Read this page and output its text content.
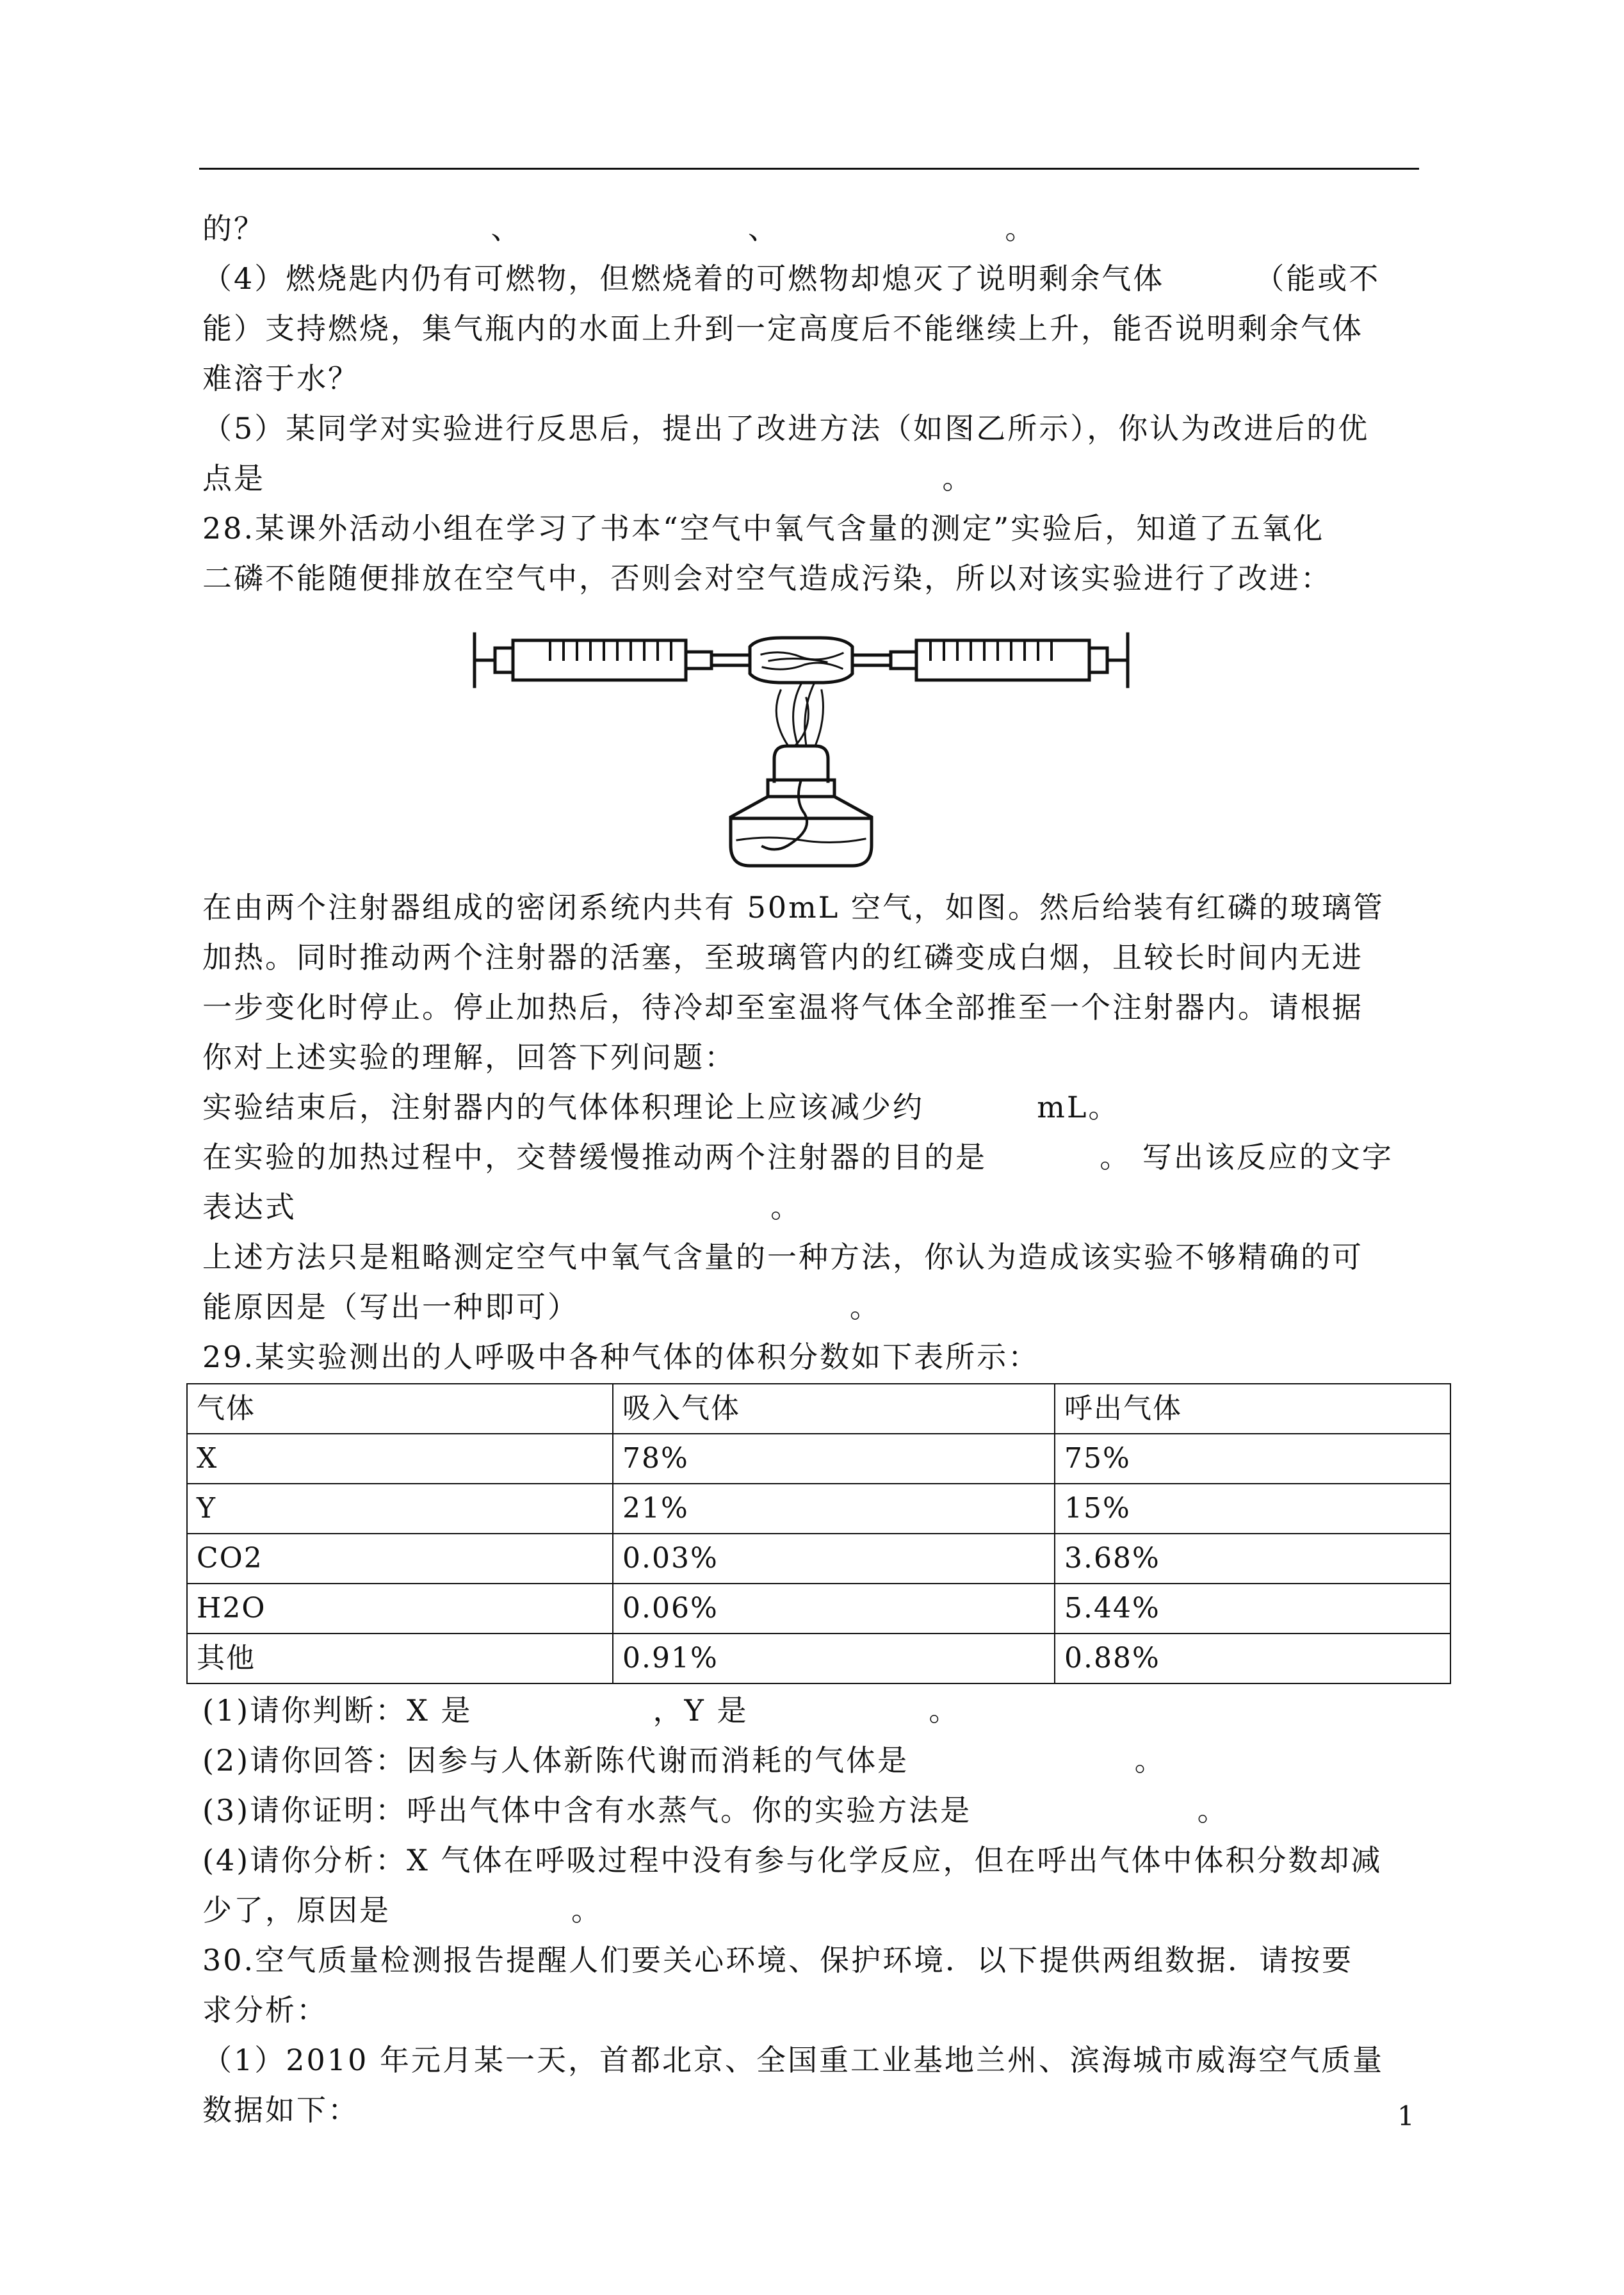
的？                    、                    、                    。
（4）燃烧匙内仍有可燃物，但燃烧着的可燃物却熄灭了说明剩余气体        （能或不
能）支持燃烧，集气瓶内的水面上升到一定高度后不能继续上升，能否说明剩余气体
难溶于水？
（5）某同学对实验进行反思后，提出了改进方法（如图乙所示），你认为改进后的优
点是                                                            。
28.某课外活动小组在学习了书本“空气中氧气含量的测定”实验后，知道了五氧化
二磷不能随便排放在空气中，否则会对空气造成污染，所以对该实验进行了改进：
在由两个注射器组成的密闭系统内共有 50mL 空气，如图。然后给装有红磷的玻璃管
加热。同时推动两个注射器的活塞，至玻璃管内的红磷变成白烟，且较长时间内无进
一步变化时停止。停止加热后，待冷却至室温将气体全部推至一个注射器内。请根据
你对上述实验的理解，回答下列问题：
实验结束后，注射器内的气体体积理论上应该减少约          mL。
在实验的加热过程中，交替缓慢推动两个注射器的目的是          。 写出该反应的文字
表达式                                          。
上述方法只是粗略测定空气中氧气含量的一种方法，你认为造成该实验不够精确的可
能原因是（写出一种即可）                        。
29.某实验测出的人呼吸中各种气体的体积分数如下表所示：
气体	吸入气体	呼出气体
X	78%	75%
Y	21%	15%
CO2	0.03%	3.68%
H2O	0.06%	5.44%
其他	0.91%	0.88%
(1)请你判断：X 是                ，Y 是                。
(2)请你回答：因参与人体新陈代谢而消耗的气体是                    。
(3)请你证明：呼出气体中含有水蒸气。你的实验方法是                    。
(4)请你分析：X 气体在呼吸过程中没有参与化学反应，但在呼出气体中体积分数却减
少了，原因是                。
30.空气质量检测报告提醒人们要关心环境、保护环境．以下提供两组数据．请按要
求分析：
（1）2010 年元月某一天，首都北京、全国重工业基地兰州、滨海城市威海空气质量
数据如下：	1
